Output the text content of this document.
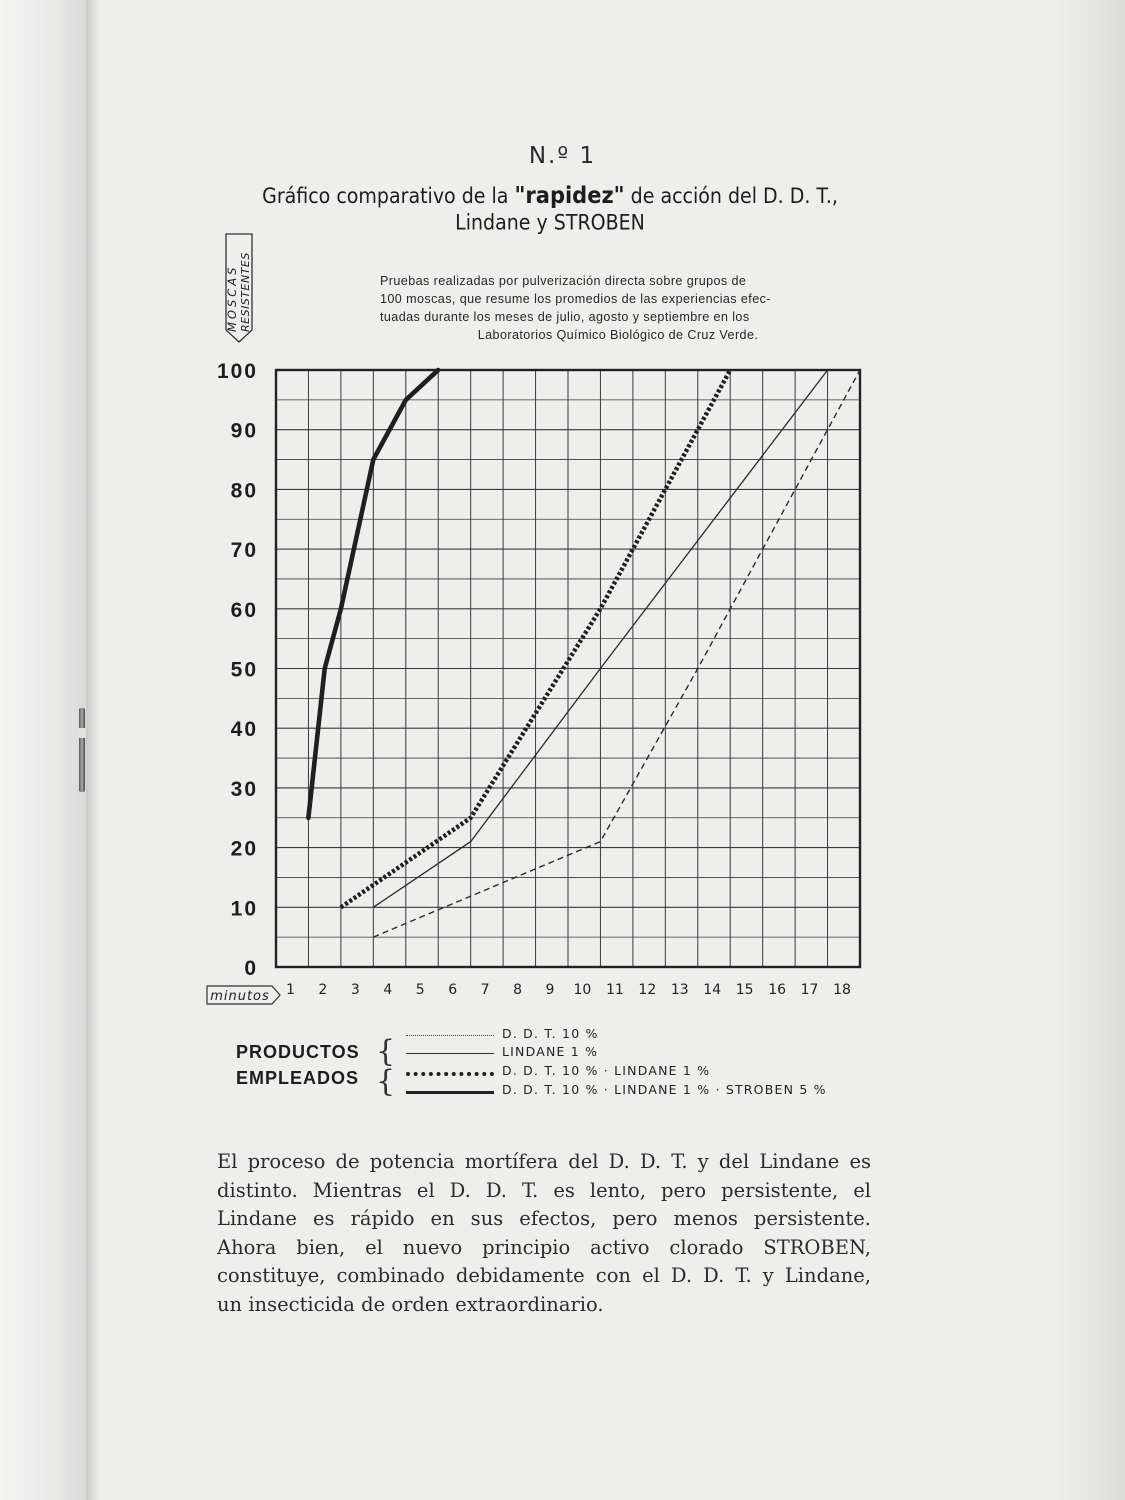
N.º 1
Gráfico comparativo de la "rapidez" de acción del D. D. T.,
Lindane y STROBEN
MOSCAS RESISTENTES	Pruebas realizadas por pulverización directa sobre grupos de
100 moscas, que resume los promedios de las experiencias efec-
tuadas durante los meses de julio, agosto y septiembre en los

Laboratorios Químico Biológico de Cruz Verde.
0
10
20
30
40
50
60
70
80
90
100
1 2 3 4 5 6 7 8 9 10 11 12 13 14 15 16 17 18
minutos
PRODUCTOS
EMPLEADOS
{
{
D. D. T. 10 %
LINDANE 1 %
D. D. T. 10 % · LINDANE 1 %
D. D. T. 10 % · LINDANE 1 % · STROBEN 5 %
El proceso de potencia mortífera del D. D. T. y del Lindane es
distinto. Mientras el D. D. T. es lento, pero persistente, el
Lindane es rápido en sus efectos, pero menos persistente.
Ahora bien, el nuevo principio activo clorado STROBEN,
constituye, combinado debidamente con el D. D. T. y Lindane,
un insecticida de orden extraordinario.
